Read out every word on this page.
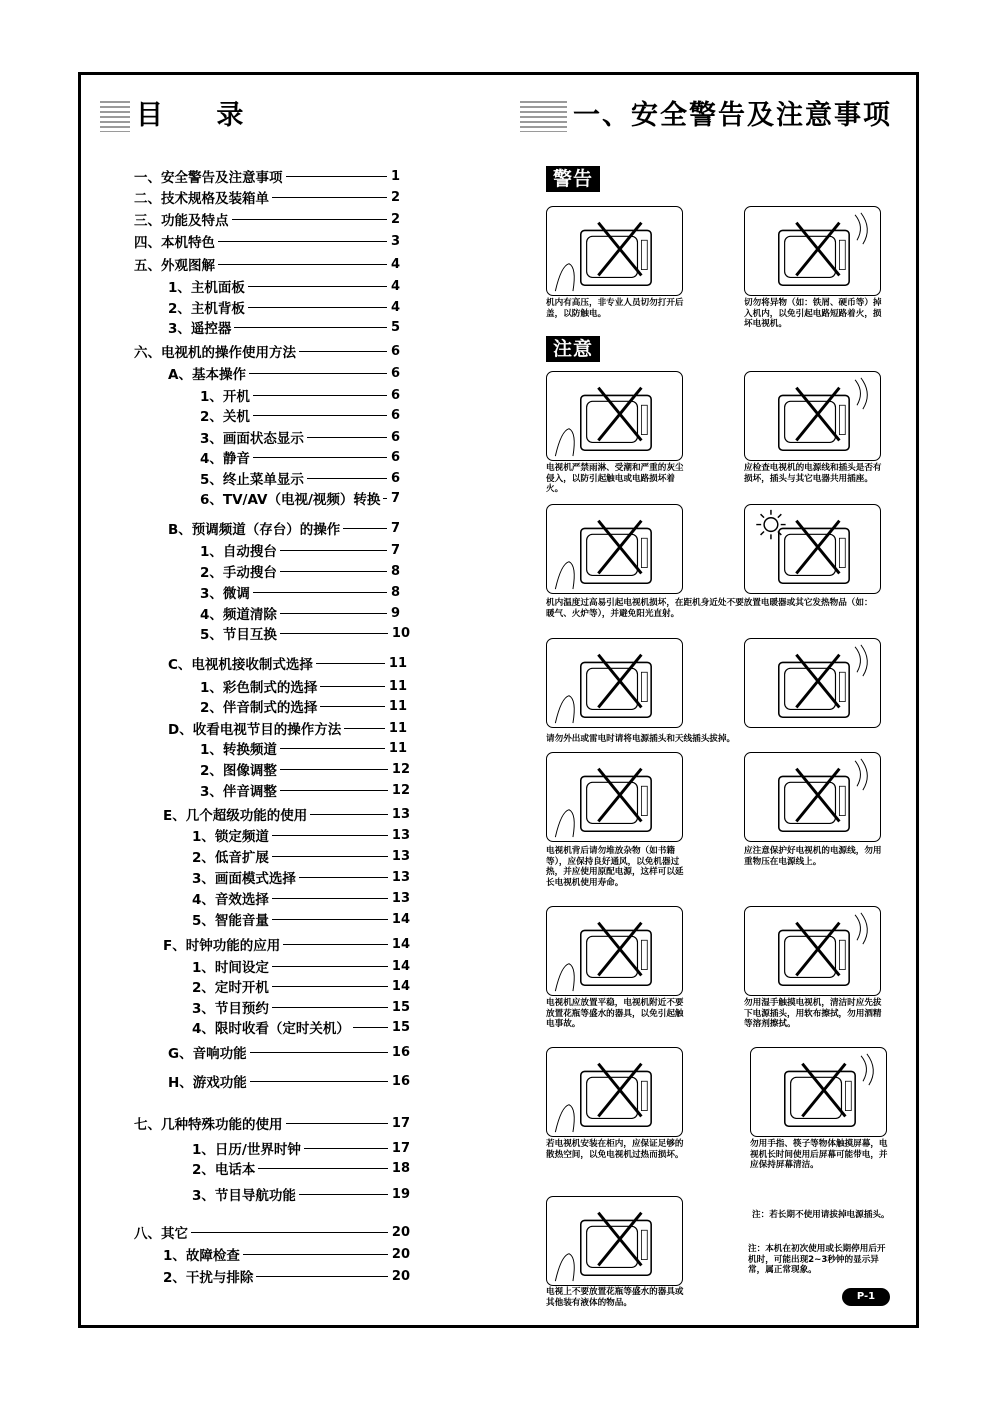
目 录	一、安全警告及注意事项
一、安全警告及注意事项	1
二、技术规格及装箱单	2
三、功能及特点	2
四、本机特色	3
五、外观图解	4
1、主机面板	4
2、主机背板	4
3、遥控器	5
六、电视机的操作使用方法	6
A、基本操作	6
1、开机	6
2、关机	6
3、画面状态显示	6
4、静音	6
5、终止菜单显示	6
6、TV/AV（电视/视频）转换 7
B、预调频道（存台）的操作	7
1、自动搜台	7
2、手动搜台	8
3、微调	8
4、频道清除	9
5、节目互换	10
C、电视机接收制式选择	11
1、彩色制式的选择	11
2、伴音制式的选择	11
D、收看电视节目的操作方法	11
1、转换频道	11
2、图像调整	12
3、伴音调整	12
E、几个超级功能的使用	13
1、锁定频道	13
2、低音扩展	13
3、画面模式选择	13
4、音效选择	13
5、智能音量	14
F、时钟功能的应用	14
1、时间设定	14
2、定时开机	14
3、节目预约	15
4、限时收看（定时关机）	15
G、音响功能	16
H、游戏功能	16
七、几种特殊功能的使用	17
1、日历/世界时钟	17
2、电话本	18
3、节目导航功能	19
八、其它	20
1、故障检查	20
2、干扰与排除	20
警告
注意
机内有高压，非专业人员切勿打开后盖，以防触电。
切勿将异物（如：铁屑、硬币等）掉入机内，以免引起电路短路着火，损坏电视机。
电视机严禁雨淋、受潮和严重的灰尘侵入，以防引起触电或电路损坏着火。
应检查电视机的电源线和插头是否有损坏，插头与其它电器共用插座。
机内温度过高易引起电视机损坏，在距机身近处不要放置电暖器或其它发热物品（如：暖气、火炉等），并避免阳光直射。
请勿外出或雷电时请将电源插头和天线插头拔掉。
电视机背后请勿堆放杂物（如书籍等），应保持良好通风，以免机器过热，并应使用原配电源，这样可以延长电视机使用寿命。
应注意保护好电视机的电源线，勿用重物压在电源线上。
电视机应放置平稳，电视机附近不要放置花瓶等盛水的器具，以免引起触电事故。
勿用湿手触摸电视机，清洁时应先拔下电源插头，用软布擦拭，勿用酒精等溶剂擦拭。
若电视机安装在柜内，应保证足够的散热空间，以免电视机过热而损坏。
勿用手指、筷子等物体触摸屏幕，电视机长时间使用后屏幕可能带电，并应保持屏幕清洁。
电视上不要放置花瓶等盛水的器具或其他装有液体的物品。
注：若长期不使用请拔掉电源插头。
注：本机在初次使用或长期停用后开机时，可能出现2~3秒钟的显示异常，属正常现象。
P-1
